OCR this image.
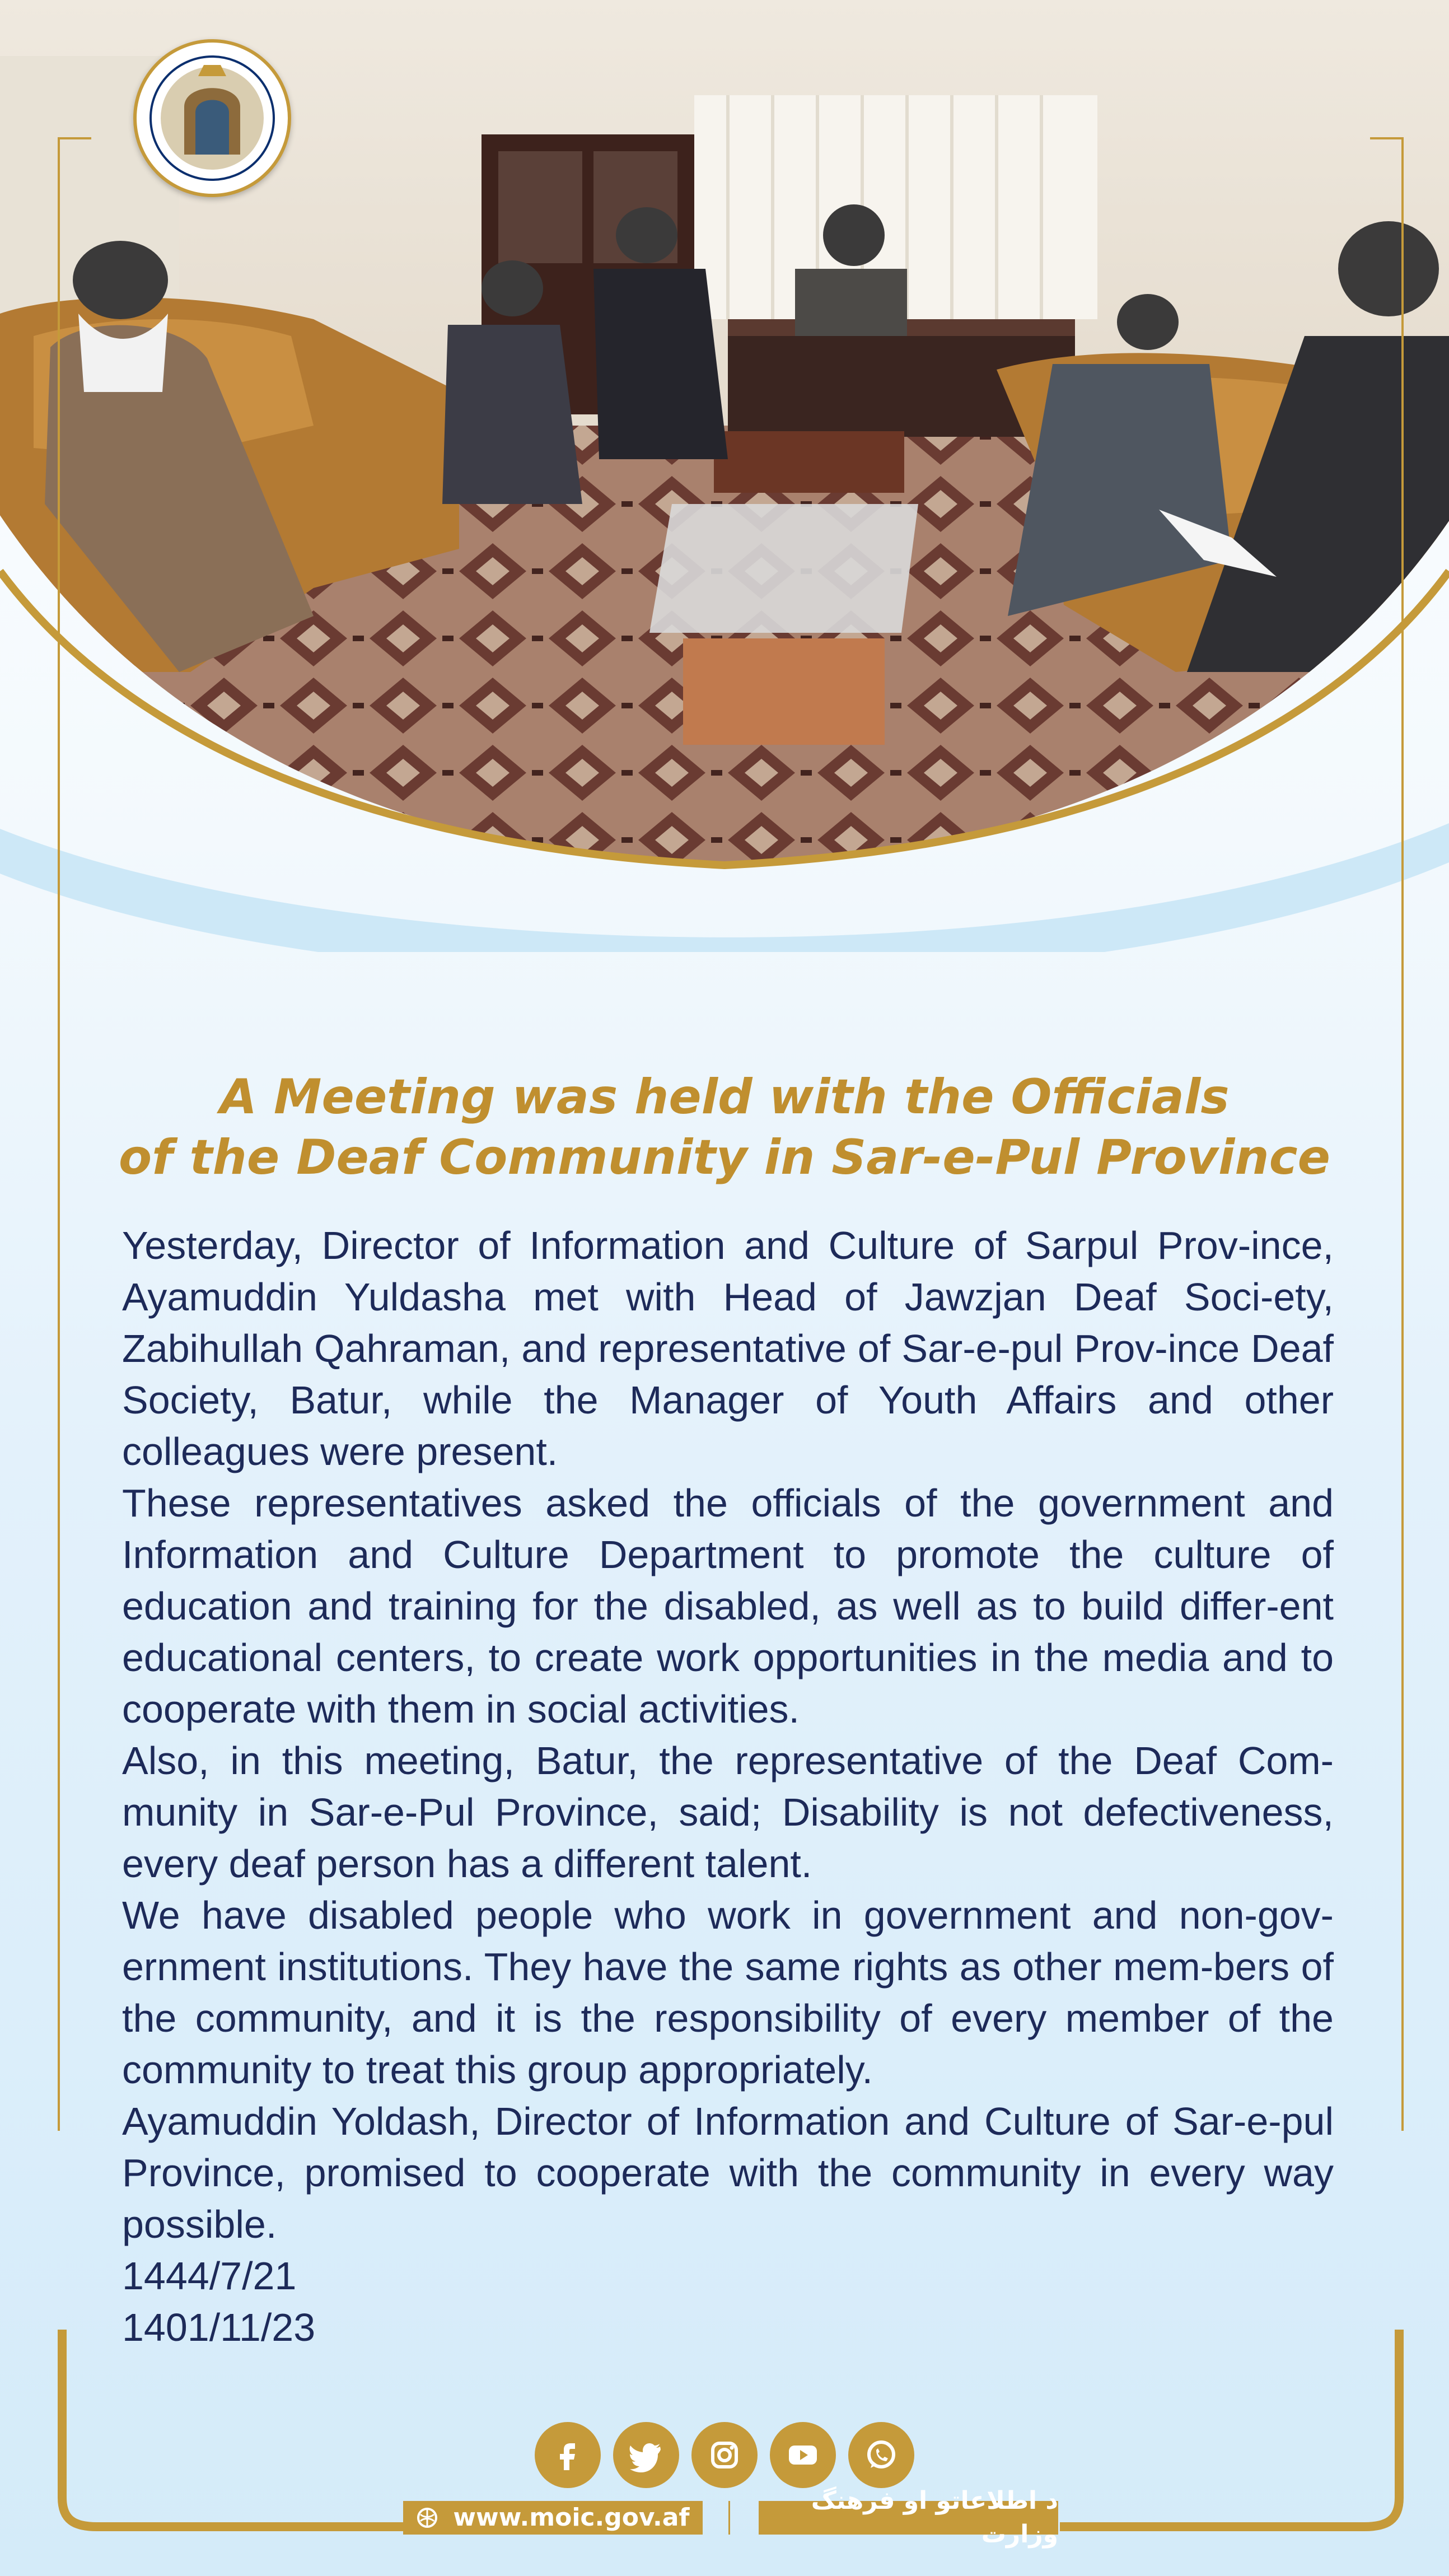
A Meeting was held with the Officials
of the Deaf Community in Sar-e-Pul Province

Yesterday, Director of Information and Culture of Sarpul Prov-ince, Ayamuddin Yuldasha met with Head of Jawzjan Deaf Soci-ety, Zabihullah Qahraman, and representative of Sar-e-pul Prov-ince Deaf Society, Batur, while the Manager of Youth Affairs and other colleagues were present.

These representatives asked the officials of the government and Information and Culture Department to promote the culture of education and training for the disabled, as well as to build differ-ent educational centers, to create work opportunities in the media and to cooperate with them in social activities.

Also, in this meeting, Batur, the representative of the Deaf Com-munity in Sar-e-Pul Province, said; Disability is not defectiveness, every deaf person has a different talent.

We have disabled people who work in government and non-gov-ernment institutions. They have the same rights as other mem-bers of the community, and it is the responsibility of every member of the community to treat this group appropriately.

Ayamuddin Yoldash, Director of Information and Culture of Sar-e-pul Province, promised to cooperate with the community in every way possible.

1444/7/21

1401/11/23

www.moic.gov.af
د اطلاعاتو او فرهنگ وزارت
